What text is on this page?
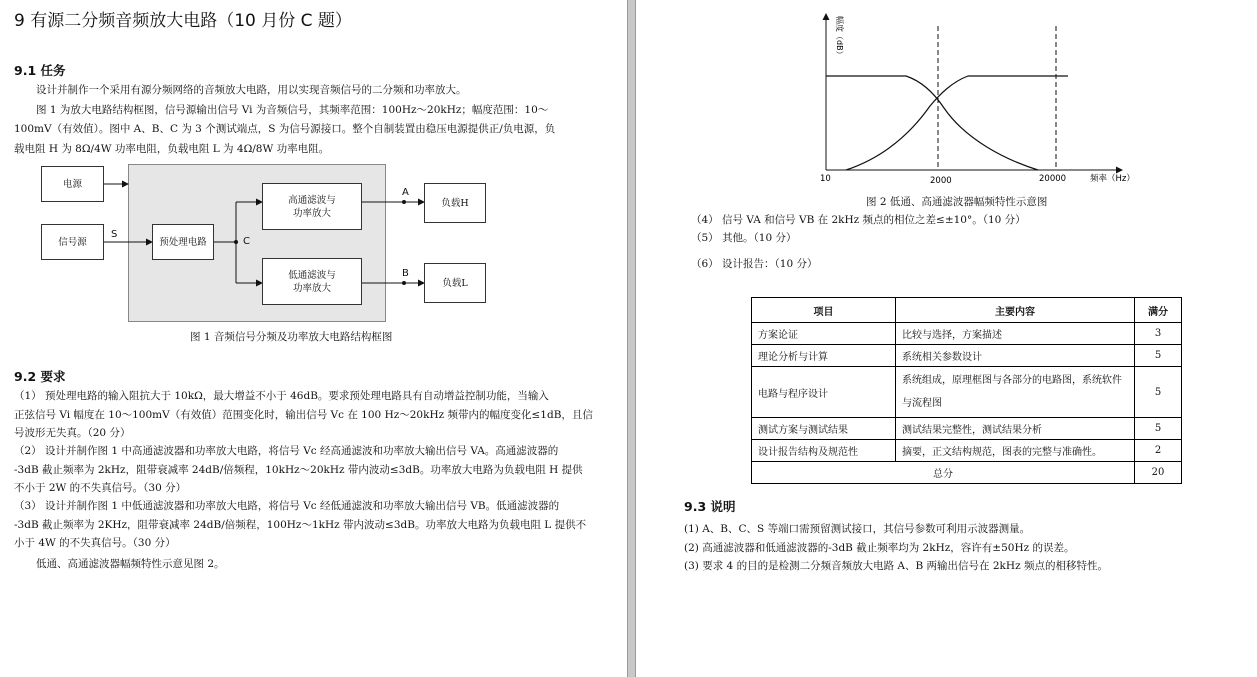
9 有源二分频音频放大电路（10 月份 C 题）
9.1 任务
设计并制作一个采用有源分频网络的音频放大电路，用以实现音频信号的二分频和功率放大。
图 1 为放大电路结构框图，信号源输出信号 Vi 为音频信号，其频率范围：100Hz～20kHz；幅度范围：10～
100mV（有效值）。图中 A、B、C 为 3 个测试端点，S 为信号源接口。整个自制装置由稳压电源提供正/负电源，负
载电阻 H 为 8Ω/4W 功率电阻，负载电阻 L 为 4Ω/8W 功率电阻。
电源
信号源	预处理电路
高通滤波与
功率放大
低通滤波与
功率放大
负载H
负载L
S
C
A
B
图 1 音频信号分频及功率放大电路结构框图
9.2 要求
（1） 预处理电路的输入阻抗大于 10kΩ，最大增益不小于 46dB。要求预处理电路具有自动增益控制功能，当输入
正弦信号 Vi 幅度在 10～100mV（有效值）范围变化时，输出信号 Vc 在 100 Hz～20kHz 频带内的幅度变化≤1dB，且信
号波形无失真。（20 分）
（2） 设计并制作图 1 中高通滤波器和功率放大电路，将信号 Vc 经高通滤波和功率放大输出信号 VA。高通滤波器的
-3dB 截止频率为 2kHz，阻带衰减率 24dB/倍频程，10kHz～20kHz 带内波动≤3dB。功率放大电路为负载电阻 H 提供
不小于 2W 的不失真信号。（30 分）
（3） 设计并制作图 1 中低通滤波器和功率放大电路，将信号 Vc 经低通滤波和功率放大输出信号 VB。低通滤波器的
-3dB 截止频率为 2KHz，阻带衰减率 24dB/倍频程，100Hz～1kHz 带内波动≤3dB。功率放大电路为负载电阻 L 提供不
小于 4W 的不失真信号。（30 分）
低通、高通滤波器幅频特性示意见图 2。
幅度（dB）
频率（Hz）
10	2000	20000
图 2 低通、高通滤波器幅频特性示意图
（4） 信号 VA 和信号 VB 在 2kHz 频点的相位之差≤±10°。（10 分）
（5） 其他。（10 分）
（6） 设计报告：（10 分）
项目	主要内容	满分
方案论证	比较与选择，方案描述	3
理论分析与计算	系统相关参数设计	5
电路与程序设计	系统组成，原理框图与各部分的电路图，系统软件与流程图	5
测试方案与测试结果	测试结果完整性，测试结果分析	5
设计报告结构及规范性	摘要，正文结构规范，图表的完整与准确性。	2
总分		20
9.3 说明
(1) A、B、C、S 等端口需预留测试接口，其信号参数可利用示波器测量。
(2) 高通滤波器和低通滤波器的-3dB 截止频率均为 2kHz，容许有±50Hz 的误差。
(3) 要求 4 的目的是检测二分频音频放大电路 A、B 两输出信号在 2kHz 频点的相移特性。
